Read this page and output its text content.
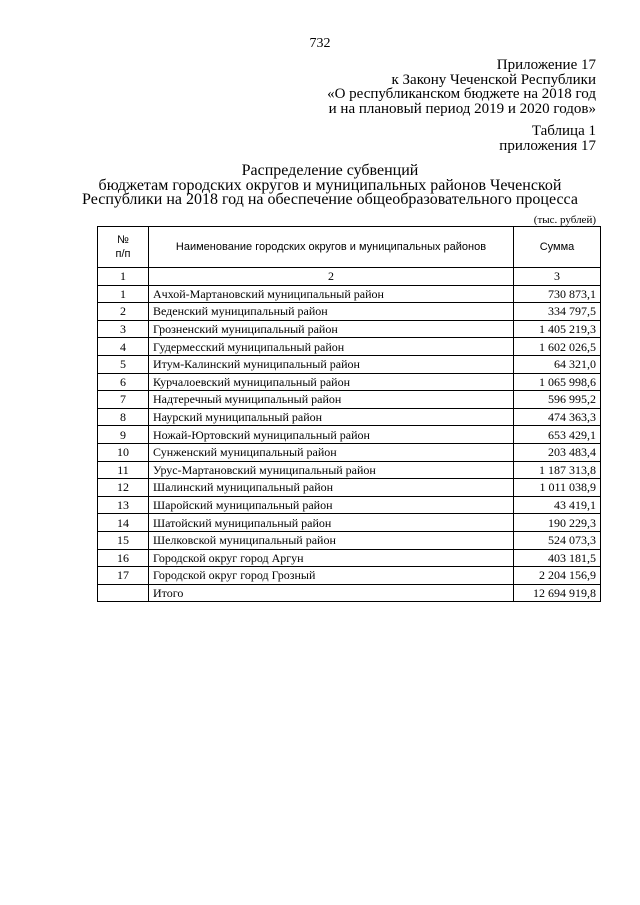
732
Приложение 17
к Закону Чеченской Республики
«О республиканском бюджете на 2018 год
и на плановый период 2019 и 2020 годов»
Таблица 1
приложения 17
Распределение субвенций
бюджетам городских округов и муниципальных районов Чеченской
Республики на 2018 год на обеспечение общеобразовательного процесса
(тыс. рублей)
№
п/п	Наименование городских округов и муниципальных районов	Сумма
1	2	3
1	Ачхой-Мартановский муниципальный район	730 873,1
2	Веденский муниципальный район	334 797,5
3	Грозненский муниципальный район	1 405 219,3
4	Гудермесский муниципальный район	1 602 026,5
5	Итум-Калинский муниципальный район	64 321,0
6	Курчалоевский муниципальный район	1 065 998,6
7	Надтеречный муниципальный район	596 995,2
8	Наурский муниципальный район	474 363,3
9	Ножай-Юртовский муниципальный район	653 429,1
10	Сунженский муниципальный район	203 483,4
11	Урус-Мартановский муниципальный район	1 187 313,8
12	Шалинский муниципальный район	1 011 038,9
13	Шаройский муниципальный район	43 419,1
14	Шатойский муниципальный район	190 229,3
15	Шелковской муниципальный район	524 073,3
16	Городской округ город Аргун	403 181,5
17	Городской округ город Грозный	2 204 156,9
	Итого	12 694 919,8
